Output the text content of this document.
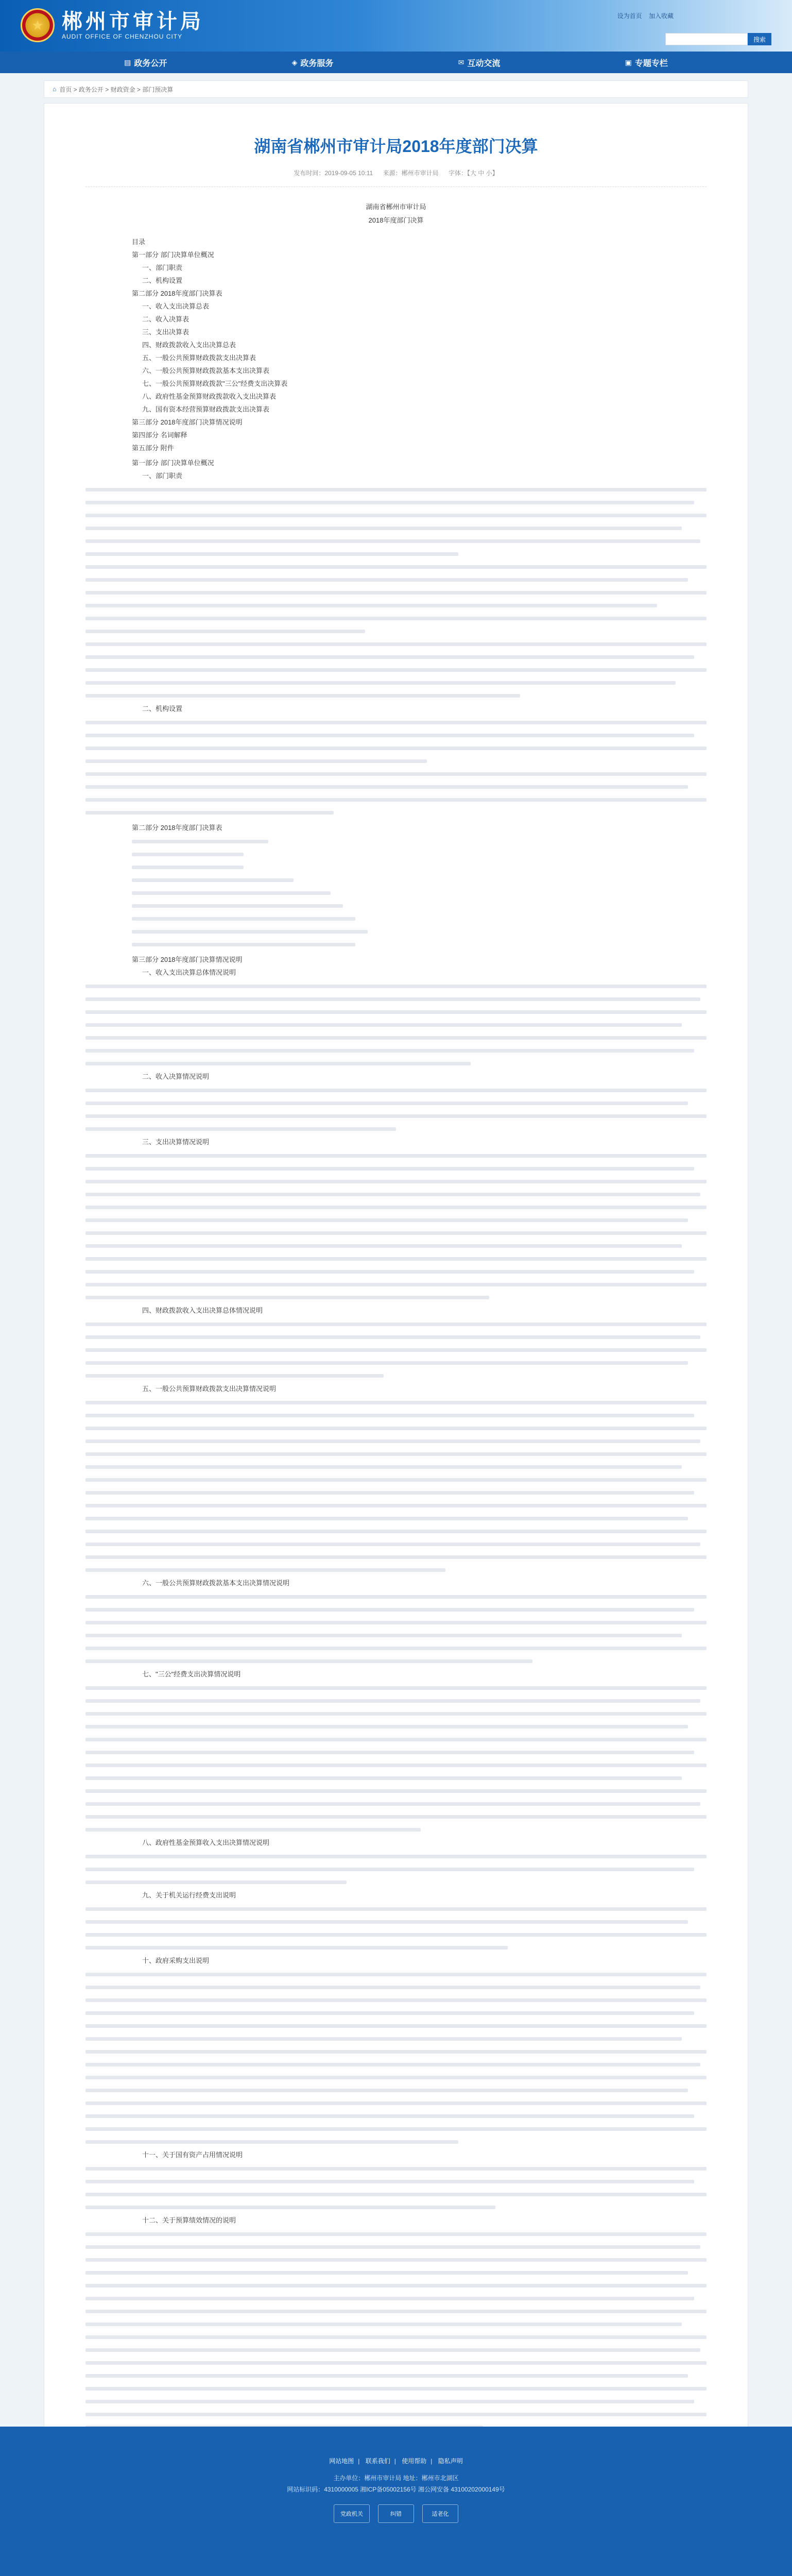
★ 郴州市审计局
AUDIT OFFICE OF CHENZHOU CITY
设为首页 加入收藏
搜索
▤ 政务公开	◈ 政务服务	✉ 互动交流	▣ 专题专栏
⌂ 首页 > 政务公开 > 财政资金 > 部门预决算
湖南省郴州市审计局2018年度部门决算
发布时间：2019-09-05 10:11 来源：郴州市审计局 字体：【大 中 小】
湖南省郴州市审计局
2018年度部门决算

目录

第一部分 部门决算单位概况

一、部门职责

二、机构设置

第二部分 2018年度部门决算表

一、收入支出决算总表

二、收入决算表

三、支出决算表

四、财政拨款收入支出决算总表

五、一般公共预算财政拨款支出决算表

六、一般公共预算财政拨款基本支出决算表

七、一般公共预算财政拨款"三公"经费支出决算表

八、政府性基金预算财政拨款收入支出决算表

九、国有资本经营预算财政拨款支出决算表

第三部分 2018年度部门决算情况说明

第四部分 名词解释

第五部分 附件

第一部分 部门决算单位概况

一、部门职责

二、机构设置

第二部分 2018年度部门决算表

第三部分 2018年度部门决算情况说明

一、收入支出决算总体情况说明

二、收入决算情况说明

三、支出决算情况说明

四、财政拨款收入支出决算总体情况说明

五、一般公共预算财政拨款支出决算情况说明

六、一般公共预算财政拨款基本支出决算情况说明

七、"三公"经费支出决算情况说明

八、政府性基金预算收入支出决算情况说明

九、关于机关运行经费支出说明

十、政府采购支出说明

十一、关于国有资产占用情况说明

十二、关于预算绩效情况的说明

网站地图 | 联系我们 | 使用帮助 | 隐私声明
主办单位：郴州市审计局 地址：郴州市北湖区
网站标识码：4310000005 湘ICP备05002156号 湘公网安备 43100202000149号
党政机关	纠错	适老化
